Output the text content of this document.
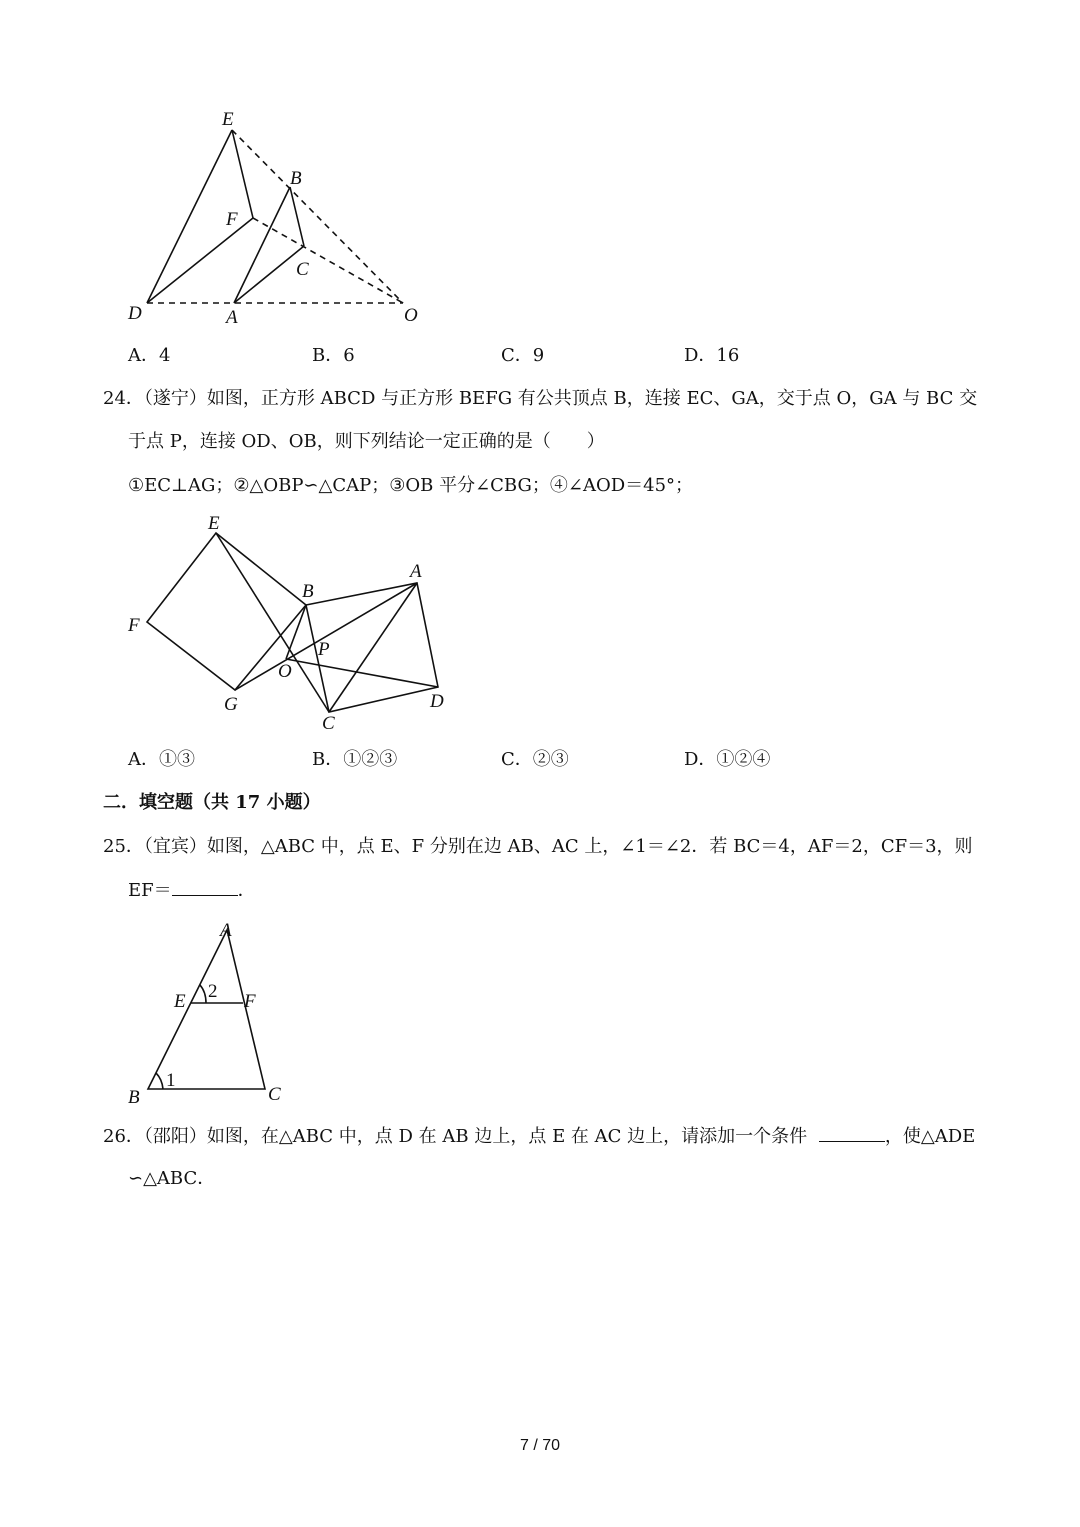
E
B
F
C
D	A	O
A．4	B．6	C．9	D．16
24．（遂宁）如图，正方形 ABCD 与正方形 BEFG 有公共顶点 B，连接 EC、GA，交于点 O，GA 与 BC 交
于点 P，连接 OD、OB，则下列结论一定正确的是（　　）
①EC⊥AG；②△OBP∽△CAP；③OB 平分∠CBG；④∠AOD＝45°；
E
B
A
F
P
O
G
C
D
A．①③	B．①②③	C．②③	D．①②④
二．填空题（共 17 小题）
25．（宜宾）如图，△ABC 中，点 E、F 分别在边 AB、AC 上，∠1＝∠2．若 BC＝4，AF＝2，CF＝3，则
EF＝	．
A
E 2 F
B
1
C
26．（邵阳）如图，在△ABC 中，点 D 在 AB 边上，点 E 在 AC 边上，请添加一个条件	，使△ADE
∽△ABC．
7 / 70
